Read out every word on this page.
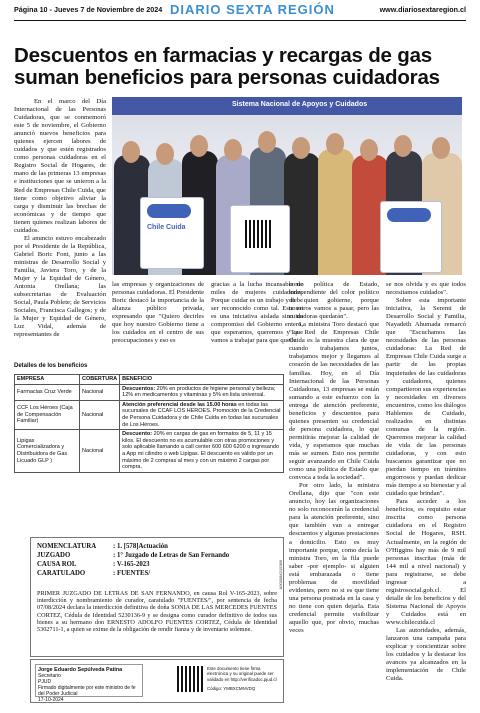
Página 10 - Jueves 7 de Noviembre de 2024 DIARIO SEXTA REGIÓN	www.diariosextaregion.cl
Descuentos en farmacias y recargas de gas suman beneficios para personas cuidadoras

En el marco del Día Internacional de las Personas Cuidadoras, que se conmemoró este 5 de noviembre, el Gobierno anunció nuevos beneficios para quienes ejercen labores de cuidados y que estén registrados como personas cuidadoras en el Registro Social de Hogares, de mano de las primeras 13 empresas e instituciones que se unieron a la Red de Empresas Chile Cuida, que tiene como objetivo aliviar la carga y disminuir las brechas de económicas y de tiempo que tienen quienes realizan labores de cuidados.

El anuncio estuvo encabezado por el Presidente de la República, Gabriel Boric Font, junto a las ministras de Desarrollo Social y Familia, Javiera Toro, y de la Mujer y la Equidad de Género, Antonia Orellana; las subsecretarias de Evaluación Social, Paula Poblete; de Servicios Sociales, Francisca Gallegos; y de la Mujer y Equidad de Género, Luz Vidal, además de representantes de

Sistema Nacional de Apoyos y Cuidados
Chile Cuida

las empresas y organizaciones de personas cuidadoras. El Presidente Boric destacó la importancia de la alianza público privada, expresando que "Quiero decirles que hoy nuestro Gobierno tiene a los cuidados en el centro de sus preocupaciones y eso es

gracias a la lucha incansable de miles de mujeres cuidadoras. Porque cuidar es un trabajo y debe ser reconocido como tal. Esta no es una iniciativa aislada sino un compromiso del Gobierno entero, que esperamos, queremos y que vamos a trabajar para que quede

como política de Estado, independiente del color político de quien gobierne, porque nosotros vamos a pasar, pero las cuidadoras quedarán".

La ministra Toro destacó que "La Red de Empresas Chile Cuida es la muestra clara de que cuando trabajamos juntos, trabajamos mejor y llegamos al corazón de las necesidades de las familias. Hoy, en el Día Internacional de las Personas Cuidadoras, 13 empresas se están sumando a este esfuerzo con la entrega de atención preferente, beneficios y descuentos para quienes presenten su credencial de persona cuidadora, lo que permitirás mejorar la calidad de vida, y esperamos que muchas más se sumen. Esto nos permite seguir avanzando en Chile Cuida como una política de Estado que convoca a toda la sociedad".

Por otro lado, la ministra Orellana, dijo que "con este anuncio, hoy las organizaciones no solo reconocerán la credencial para la atención preferente, sino que también van a entregar descuentos y algunas prestaciones a domicilio. Esto es muy importante porque, como decía la ministra Toro, en la fila puede saber -por ejemplo- si alguien está embarazada o tiene problemas de movilidad evidentes, pero no si es que tiene una persona postrada en la casa y no tiene con quien dejarla. Esta credencial permite visibilizar aquello que, por obvio, muchas veces

se nos olvida y es que todos necesitamos cuidados".

Sobre esta importante iniciativa, la Seremi de Desarrollo Social y Familia, Nayadeth Ahumada remarcó que "Escuchamos las necesidades de las personas cuidadoras: La Red de Empresas Chile Cuida surge a partir de las propias inquietudes de las cuidadoras y cuidadores, quienes compartieron sus experiencias y necesidades en diversos encuentros, como los diálogos Hablemos de Cuidado, realizados en distintas comunas de la región. Queremos mejorar la calidad de vida de las personas cuidadoras, y con esto buscamos garantizar que no pierdan tiempo en trámites engorrosos y puedan dedicar más tiempo a su bienestar y al cuidado que brindan".

Para acceder a los beneficios, es requisito estar inscrita como persona cuidadora en el Registro Social de Hogares, RSH. Actualmente, en la región de O'Higgins hay más de 9 mil personas inscritas (más de 144 mil a nivel nacional) y para registrarse, se debe ingresar a registrosocial.gob.cl. El detalle de los beneficios y del Sistema Nacional de Apoyos y Cuidados está en www.chilecuida.cl

Las autoridades, además, lanzaron una campaña para explicar y concientizar sobre los cuidados y la destacar los avances ya alcanzados en la implementación de Chile Cuida.

Detalles de los beneficios
EMPRESA	COBERTURA	BENEFICIO
Farmacias Cruz Verde	Nacional	Descuentos: 20% en productos de higiene personal y belleza; 12% en medicamentos y vitaminas y 5% en lista universal.
CCF Los Héroes (Caja de Compensación Familiar)	Nacional	Atención preferencial desde las 15.00 horas en todas las sucursales de CCAF LOS HEROES. Promoción de la Credencial de Persona Cuidadora y de Chile Cuida en todas las sucursales de Los Héroes.
Lipigas Comercializadora y Distribuidora de Gas Licuado GLP )	Nacional	Descuento: 20% en cargas de gas en formatos de 5, 11 y 15 kilos. El descuento no es acumulable con otras promociones y solo aplicable llamando a call center 600 600 6200 o ingresando a App mi cilindro o web Lipigas. El descuento es válido por un máximo de 2 compras al mes y con un máximo 2 cargas por compra.
NOMENCLATURA : 1. [578]Actuación
JUZGADO	: 1° Juzgado de Letras de San Fernando
CAUSA ROL	: V-165-2023
CARATULADO	: FUENTES/
PRIMER JUZGADO DE LETRAS DE SAN FERNANDO, en causa Rol V-165-2023, sobre interdicción y nombramiento de curador, caratulado "FUENTES/", por sentencia de fecha 07/08/2024 declara la interdicción definitiva de doña SONIA DE LAS MERCEDES FUENTES CORTEZ, Cédula de Identidad 5230136-9 y se designa como curador definitivo de todos sus bienes a su hermano don ERNESTO ADOLFO FUENTES CORTEZ, Cédula de Identidad 5302711-1, a quien se exime de la obligación de rendir fianza y de inventario solemne.
Jorge Eduardo Sepúlveda Patina
Secretario
PJUD
Firmado digitalmente por este ministro de fe del Poder Judicial
17-10-2024
Este documento tiene firma electrónica y su original puede ser validado en http://verificadoc.pjud.cl
Código: YMBXCMNVDQ
A000084215389
